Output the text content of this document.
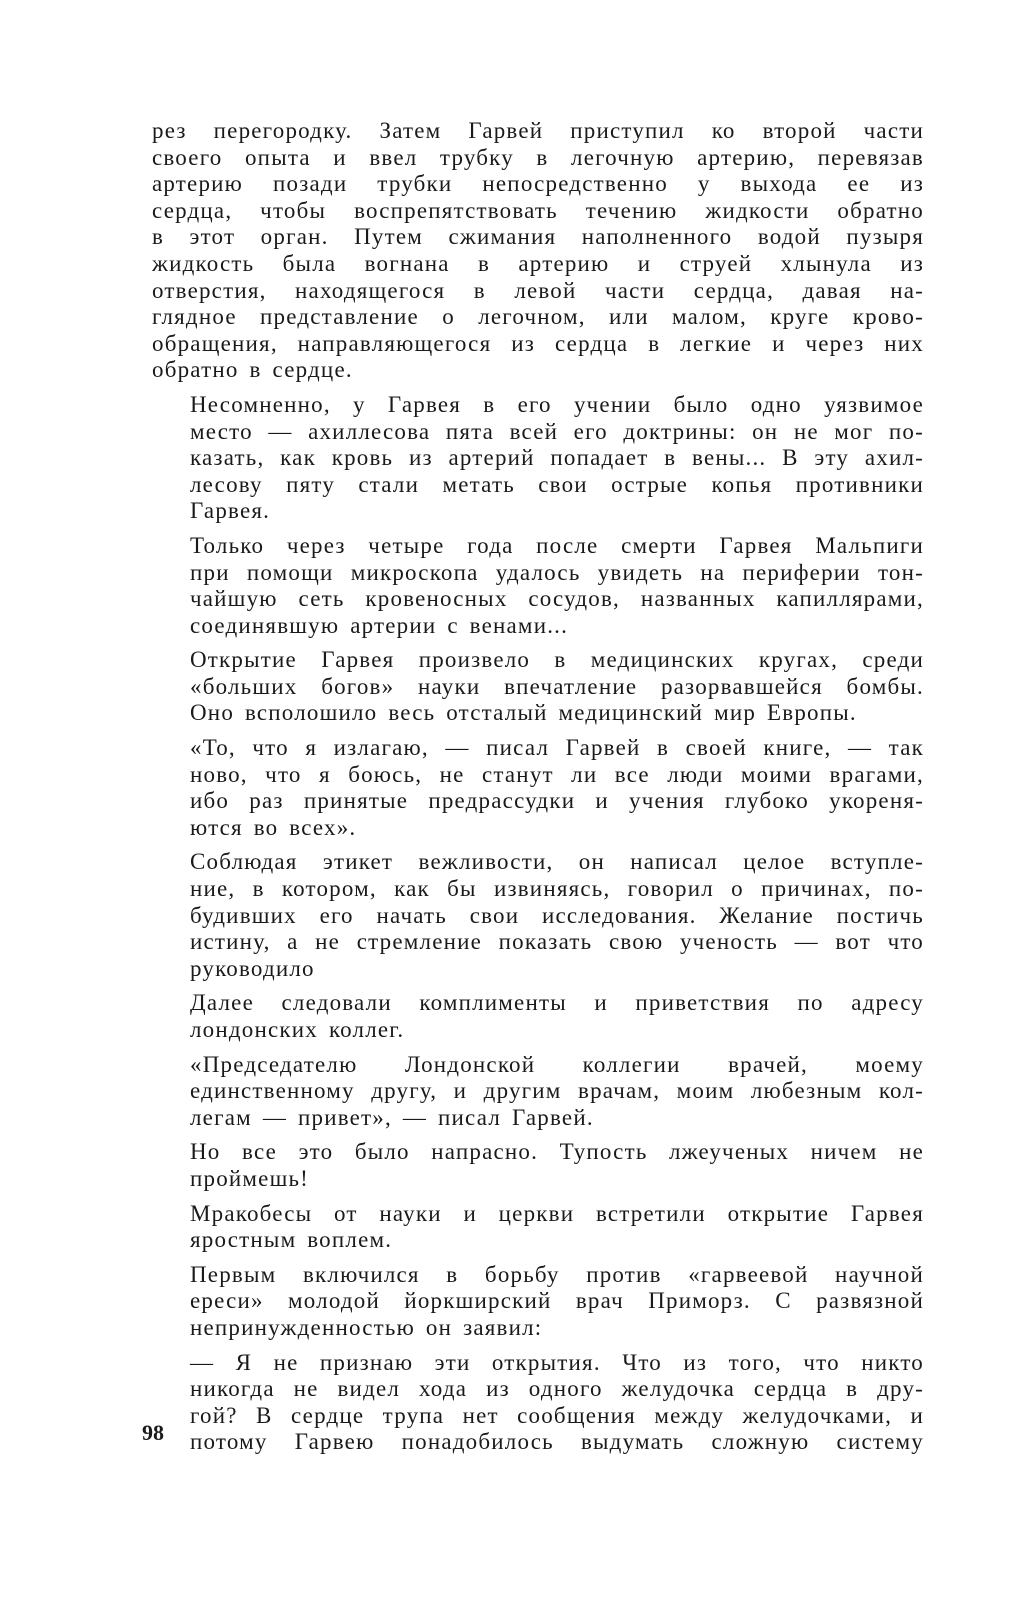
рез перегородку. Затем Гарвей приступил ко второй части
своего опыта и ввел трубку в легочную артерию, перевязав
артерию позади трубки непосредственно у выхода ее из
сердца, чтобы воспрепятствовать течению жидкости обратно
в этот орган. Путем сжимания наполненного водой пузыря
жидкость была вогнана в артерию и струей хлынула из
отверстия, находящегося в левой части сердца, давая на-
глядное представление о легочном, или малом, круге крово-
обращения, направляющегося из сердца в легкие и через них
обратно в сердце.
Несомненно, у Гарвея в его учении было одно уязвимое
место — ахиллесова пята всей его доктрины: он не мог по-
казать, как кровь из артерий попадает в вены... В эту ахил-
лесову пяту стали метать свои острые копья противники
Гарвея.
Только через четыре года после смерти Гарвея Мальпиги
при помощи микроскопа удалось увидеть на периферии тон-
чайшую сеть кровеносных сосудов, названных капиллярами,
соединявшую артерии с венами...
Открытие Гарвея произвело в медицинских кругах, среди
«больших богов» науки впечатление разорвавшейся бомбы.
Оно всполошило весь отсталый медицинский мир Европы.
«То, что я излагаю, — писал Гарвей в своей книге, — так
ново, что я боюсь, не станут ли все люди моими врагами,
ибо раз принятые предрассудки и учения глубоко укореня-
ются во всех».
Соблюдая этикет вежливости, он написал целое вступле-
ние, в котором, как бы извиняясь, говорил о причинах, по-
будивших его начать свои исследования. Желание постичь
истину, а не стремление показать свою ученость — вот что
руководило
Далее следовали комплименты и приветствия по адресу
лондонских коллег.
«Председателю Лондонской коллегии врачей, моему
единственному другу, и другим врачам, моим любезным кол-
легам — привет», — писал Гарвей.
Но все это было напрасно. Тупость лжеученых ничем не
проймешь!
Мракобесы от науки и церкви встретили открытие Гарвея
яростным воплем.
Первым включился в борьбу против «гарвеевой научной
ереси» молодой йоркширский врач Приморз. С развязной
непринужденностью он заявил:
— Я не признаю эти открытия. Что из того, что никто
никогда не видел хода из одного желудочка сердца в дру-
гой? В сердце трупа нет сообщения между желудочками, и
потому Гарвею понадобилось выдумать сложную систему
98
